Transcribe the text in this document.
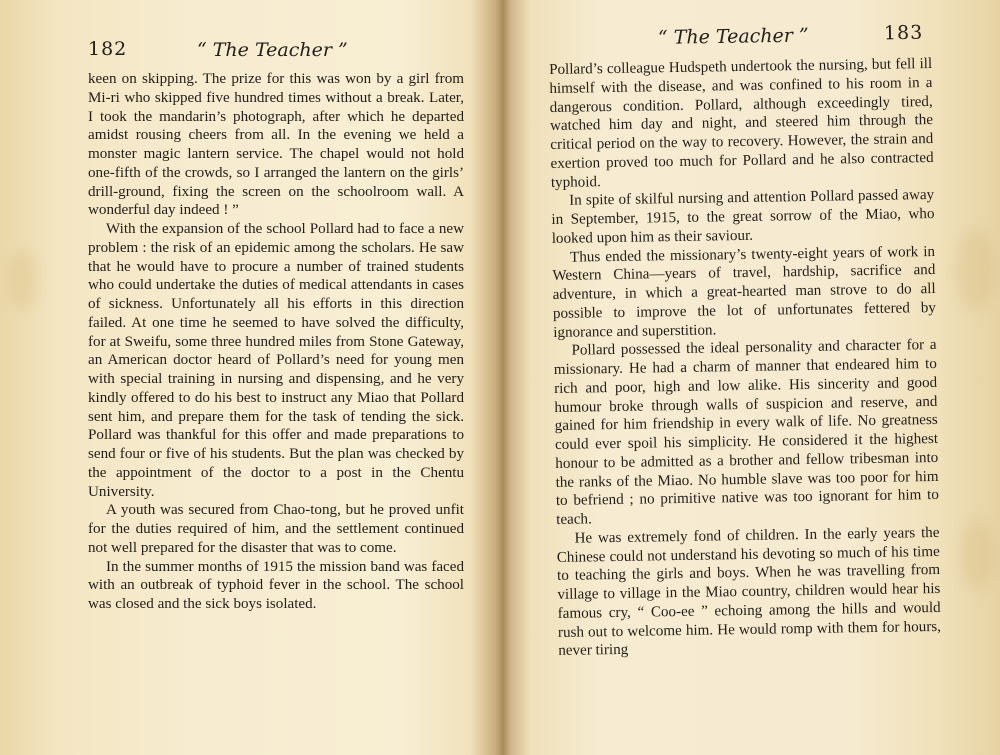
182	“ The Teacher ”

keen on skipping. The prize for this was won by a girl from Mi-ri who skipped five hundred times without a break. Later, I took the mandarin’s photograph, after which he departed amidst rousing cheers from all. In the evening we held a monster magic lantern service. The chapel would not hold one-fifth of the crowds, so I arranged the lantern on the girls’ drill-ground, fixing the screen on the schoolroom wall. A wonderful day indeed ! ”

With the expansion of the school Pollard had to face a new problem : the risk of an epidemic among the scholars. He saw that he would have to procure a number of trained students who could undertake the duties of medical attendants in cases of sickness. Unfortunately all his efforts in this direction failed. At one time he seemed to have solved the difficulty, for at Sweifu, some three hundred miles from Stone Gateway, an American doctor heard of Pollard’s need for young men with special training in nursing and dispensing, and he very kindly offered to do his best to instruct any Miao that Pollard sent him, and prepare them for the task of tending the sick. Pollard was thankful for this offer and made preparations to send four or five of his students. But the plan was checked by the appointment of the doctor to a post in the Chentu University.

A youth was secured from Chao-tong, but he proved unfit for the duties required of him, and the settlement continued not well prepared for the disaster that was to come.

In the summer months of 1915 the mission band was faced with an outbreak of typhoid fever in the school. The school was closed and the sick boys isolated.

“ The Teacher ”	183

Pollard’s colleague Hudspeth undertook the nursing, but fell ill himself with the disease, and was confined to his room in a dangerous condition. Pollard, although exceedingly tired, watched him day and night, and steered him through the critical period on the way to recovery. However, the strain and exertion proved too much for Pollard and he also contracted typhoid.

In spite of skilful nursing and attention Pollard passed away in September, 1915, to the great sorrow of the Miao, who looked upon him as their saviour.

Thus ended the missionary’s twenty-eight years of work in Western China—years of travel, hardship, sacrifice and adventure, in which a great-hearted man strove to do all possible to improve the lot of unfortunates fettered by ignorance and superstition.

Pollard possessed the ideal personality and character for a missionary. He had a charm of manner that endeared him to rich and poor, high and low alike. His sincerity and good humour broke through walls of suspicion and reserve, and gained for him friendship in every walk of life. No greatness could ever spoil his simplicity. He considered it the highest honour to be admitted as a brother and fellow tribesman into the ranks of the Miao. No humble slave was too poor for him to befriend ; no primitive native was too ignorant for him to teach.

He was extremely fond of children. In the early years the Chinese could not understand his devoting so much of his time to teaching the girls and boys. When he was travelling from village to village in the Miao country, children would hear his famous cry, “ Coo-ee ” echoing among the hills and would rush out to welcome him. He would romp with them for hours, never tiring
